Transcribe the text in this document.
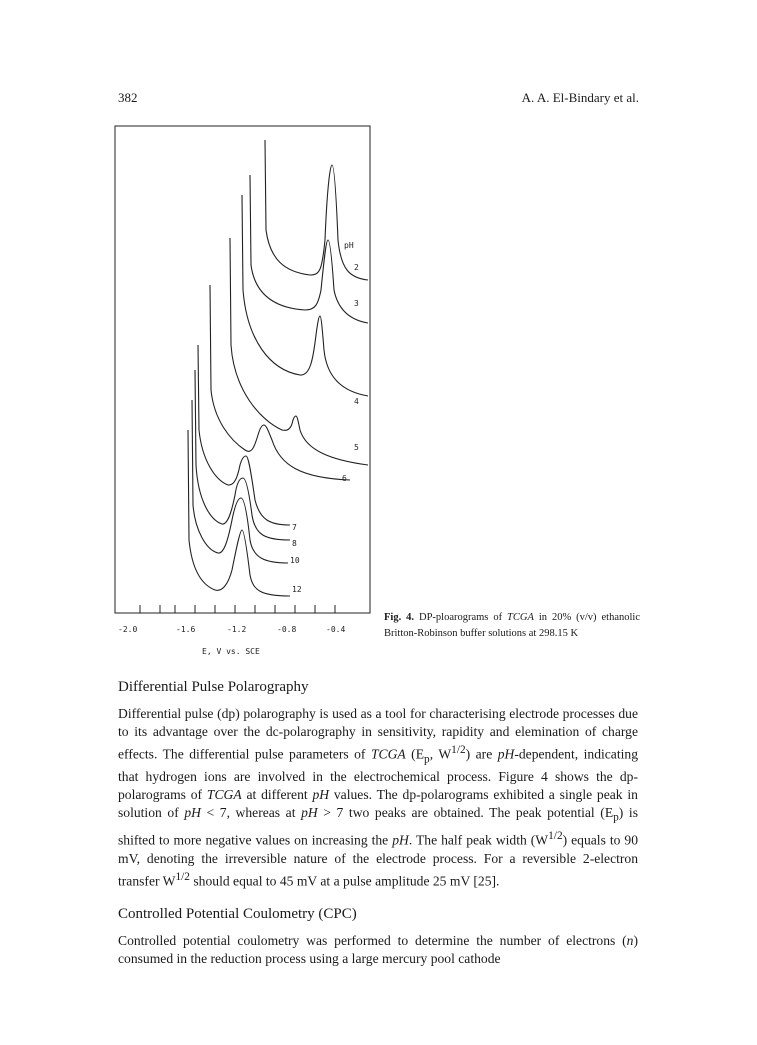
382	A. A. El-Bindary et al.
pH
2
3
4
5
6
7
8
10
12
-2.0	-1.6	-1.2	-0.8	-0.4
E, V vs. SCE
Fig. 4. DP-ploarograms of TCGA in 20% (v/v) ethanolic Britton-Robinson buffer solutions at 298.15 K
Differential Pulse Polarography
Differential pulse (dp) polarography is used as a tool for characterising electrode processes due to its advantage over the dc-polarography in sensitivity, rapidity and elemination of charge effects. The differential pulse parameters of TCGA ($E_p$, $W^{1/2}$) are pH-dependent, indicating that hydrogen ions are involved in the electrochemical process. Figure 4 shows the dp-polarograms of TCGA at different pH values. The dp-polarograms exhibited a single peak in solution of pH < 7, whereas at pH > 7 two peaks are obtained. The peak potential $(E_p)$ is shifted to more negative values on increasing the pH. The half peak width $(W^{1/2})$ equals to 90 mV, denoting the irreversible nature of the electrode process. For a reversible 2-electron transfer $W^{1/2}$ should equal to 45 mV at a pulse amplitude 25 mV [25].
Controlled Potential Coulometry (CPC)
Controlled potential coulometry was performed to determine the number of electrons (n) consumed in the reduction process using a large mercury pool cathode
